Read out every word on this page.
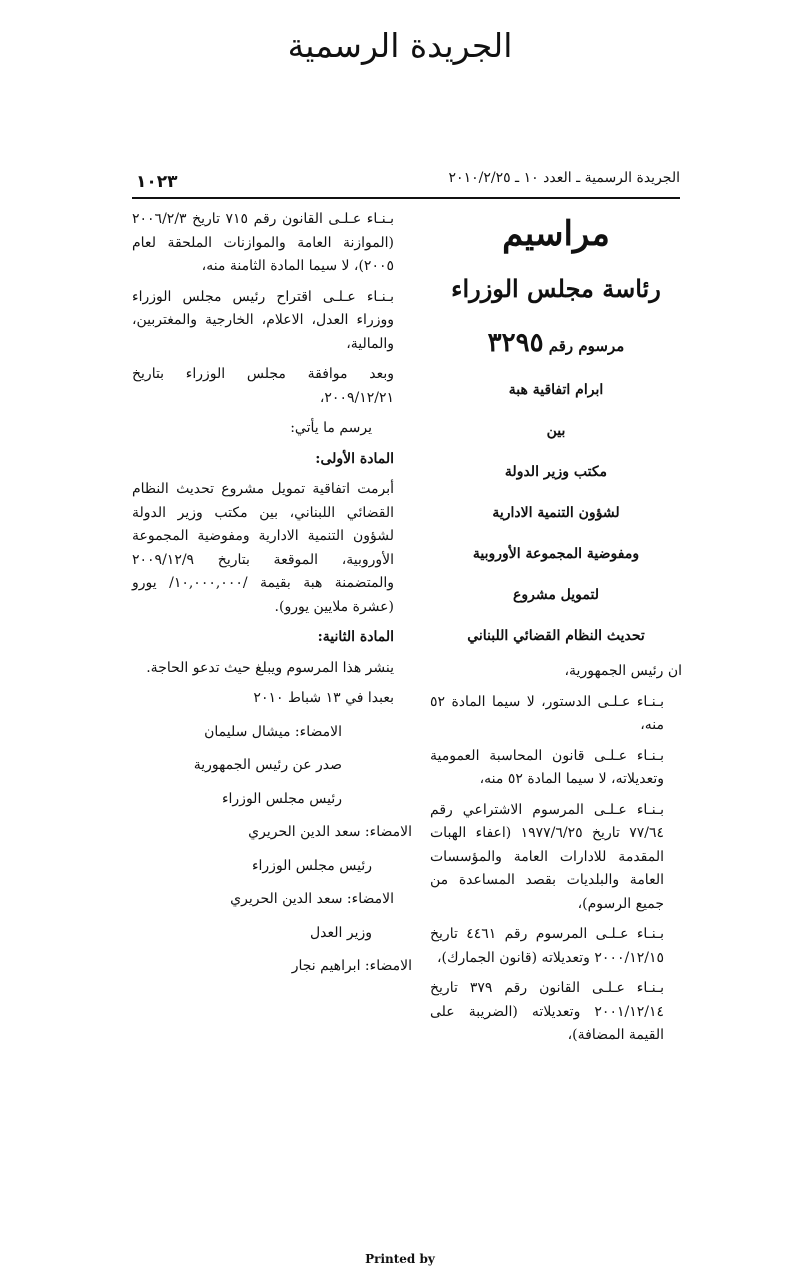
الجريدة الرسمية
الجريدة الرسمية ـ العدد ١٠ ـ ٢٠١٠/٢/٢٥
١٠٢٣

مراسيم

رئاسة مجلس الوزراء

مرسوم رقم ٣٢٩٥

ابرام اتفاقية هبة

بين

مكتب وزير الدولة

لشؤون التنمية الادارية

ومفوضية المجموعة الأوروبية

لتمويل مشروع

تحديث النظام القضائي اللبناني

ان رئيس الجمهورية،

بـنـاء عـلـى الدستور، لا سيما المادة ٥٢ منه،

بـنـاء عـلـى قانون المحاسبة العمومية وتعديلاته، لا سيما المادة ٥٢ منه،

بـنـاء عـلـى المرسوم الاشتراعي رقم ٧٧/٦٤ تاريخ ١٩٧٧/٦/٢٥ (اعفاء الهبات المقدمة للادارات العامة والمؤسسات العامة والبلديات بقصد المساعدة من جميع الرسوم)،

بـنـاء عـلـى المرسوم رقم ٤٤٦١ تاريخ ٢٠٠٠/١٢/١٥ وتعديلاته (قانون الجمارك)،

بـنـاء عـلـى القانون رقم ٣٧٩ تاريخ ٢٠٠١/١٢/١٤ وتعديلاته (الضريبة على القيمة المضافة)،

بـنـاء عـلـى القانون رقم ٧١٥ تاريخ ٢٠٠٦/٢/٣ (الموازنة العامة والموازنات الملحقة لعام ٢٠٠٥)، لا سيما المادة الثامنة منه،

بـنـاء عـلـى اقتراح رئيس مجلس الوزراء ووزراء العدل، الاعلام، الخارجية والمغتربين، والمالية،

وبعد موافقة مجلس الوزراء بتاريخ ٢٠٠٩/١٢/٢١،

يرسم ما يأتي:

المادة الأولى:

أبرمت اتفاقية تمويل مشروع تحديث النظام القضائي اللبناني، بين مكتب وزير الدولة لشؤون التنمية الادارية ومفوضية المجموعة الأوروبية، الموقعة بتاريخ ٢٠٠٩/١٢/٩ والمتضمنة هبة بقيمة /١٠,٠٠٠,٠٠٠/ يورو (عشرة ملايين يورو).

المادة الثانية:

ينشر هذا المرسوم ويبلغ حيث تدعو الحاجة.

بعبدا في ١٣ شباط ٢٠١٠

الامضاء: ميشال سليمان

صدر عن رئيس الجمهورية

رئيس مجلس الوزراء

الامضاء: سعد الدين الحريري

رئيس مجلس الوزراء

الامضاء: سعد الدين الحريري

وزير العدل

الامضاء: ابراهيم نجار

Printed by
